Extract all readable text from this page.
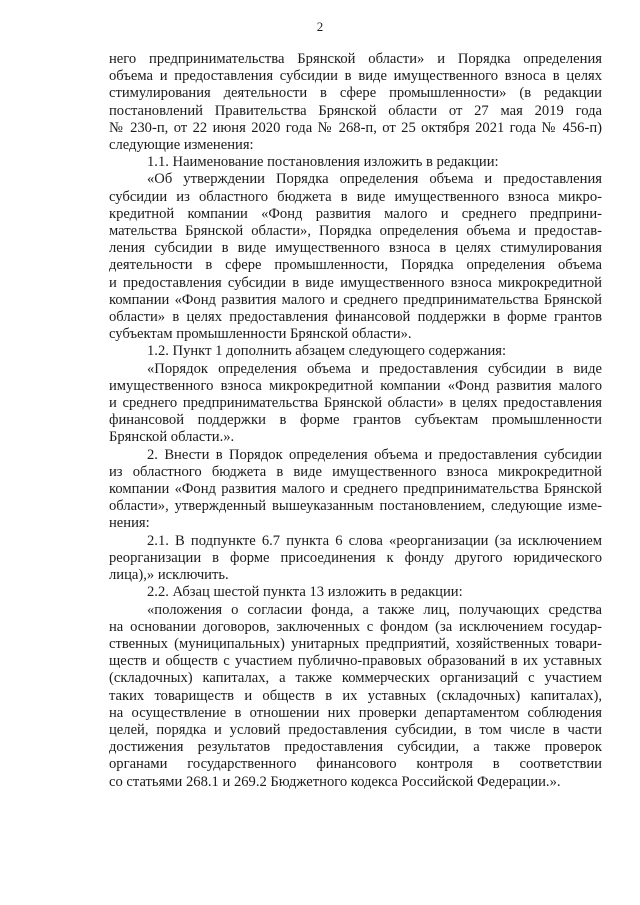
2

него предпринимательства Брянской области» и Порядка определения
объема и предоставления субсидии в виде имущественного взноса в целях
стимулирования деятельности в сфере промышленности» (в редакции
постановлений Правительства Брянской области от 27 мая 2019 года
№ 230-п, от 22 июня 2020 года № 268-п, от 25 октября 2021 года № 456-п)
следующие изменения:

1.1. Наименование постановления изложить в редакции:

«Об утверждении Порядка определения объема и предоставления
субсидии из областного бюджета в виде имущественного взноса микро-
кредитной компании «Фонд развития малого и среднего предприни-
мательства Брянской области», Порядка определения объема и предостав-
ления субсидии в виде имущественного взноса в целях стимулирования
деятельности в сфере промышленности, Порядка определения объема
и предоставления субсидии в виде имущественного взноса микрокредитной
компании «Фонд развития малого и среднего предпринимательства Брянской
области» в целях предоставления финансовой поддержки в форме грантов
субъектам промышленности Брянской области».

1.2. Пункт 1 дополнить абзацем следующего содержания:

«Порядок определения объема и предоставления субсидии в виде
имущественного взноса микрокредитной компании «Фонд развития малого
и среднего предпринимательства Брянской области» в целях предоставления
финансовой поддержки в форме грантов субъектам промышленности
Брянской области.».

2. Внести в Порядок определения объема и предоставления субсидии
из областного бюджета в виде имущественного взноса микрокредитной
компании «Фонд развития малого и среднего предпринимательства Брянской
области», утвержденный вышеуказанным постановлением, следующие изме-
нения:

2.1. В подпункте 6.7 пункта 6 слова «реорганизации (за исключением
реорганизации в форме присоединения к фонду другого юридического
лица),» исключить.

2.2. Абзац шестой пункта 13 изложить в редакции:

«положения о согласии фонда, а также лиц, получающих средства
на основании договоров, заключенных с фондом (за исключением государ-
ственных (муниципальных) унитарных предприятий, хозяйственных товари-
ществ и обществ с участием публично-правовых образований в их уставных
(складочных) капиталах, а также коммерческих организаций с участием
таких товариществ и обществ в их уставных (складочных) капиталах),
на осуществление в отношении них проверки департаментом соблюдения
целей, порядка и условий предоставления субсидии, в том числе в части
достижения результатов предоставления субсидии, а также проверок
органами государственного финансового контроля в соответствии
со статьями 268.1 и 269.2 Бюджетного кодекса Российской Федерации.».
